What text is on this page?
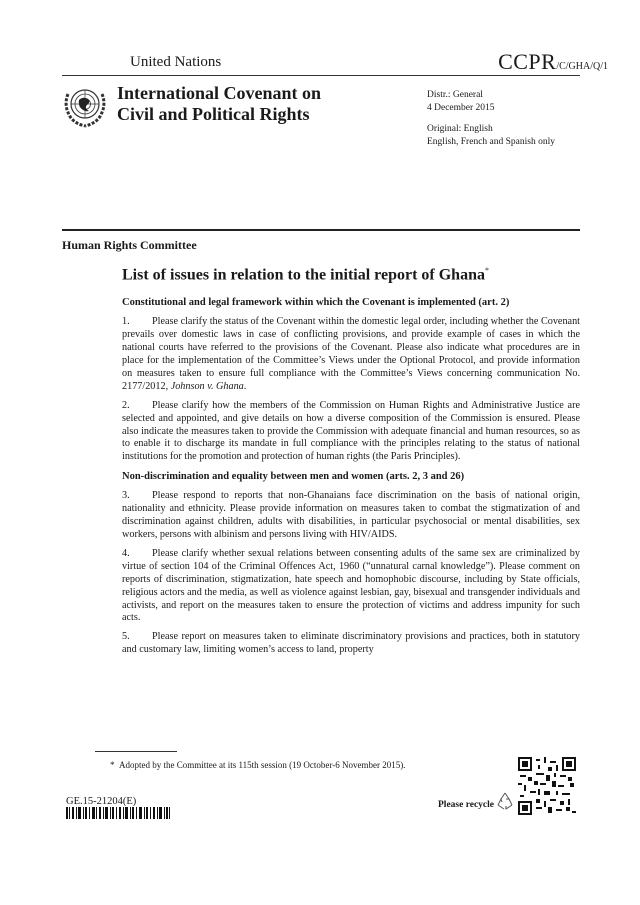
United Nations	CCPR/C/GHA/Q/1
International Covenant on
Civil and Political Rights
Distr.: General
4 December 2015
Original: English
English, French and Spanish only
Human Rights Committee
List of issues in relation to the initial report of Ghana*
Constitutional and legal framework within which the Covenant is implemented (art. 2)

1. Please clarify the status of the Covenant within the domestic legal order, including whether the Covenant prevails over domestic laws in case of conflicting provisions, and provide example of cases in which the national courts have referred to the provisions of the Covenant. Please also indicate what procedures are in place for the implementation of the Committee’s Views under the Optional Protocol, and provide information on measures taken to ensure full compliance with the Committee’s Views concerning communication No. 2177/2012, Johnson v. Ghana.

2. Please clarify how the members of the Commission on Human Rights and Administrative Justice are selected and appointed, and give details on how a diverse composition of the Commission is ensured. Please also indicate the measures taken to provide the Commission with adequate financial and human resources, so as to enable it to discharge its mandate in full compliance with the principles relating to the status of national institutions for the promotion and protection of human rights (the Paris Principles).

Non-discrimination and equality between men and women (arts. 2, 3 and 26)

3. Please respond to reports that non-Ghanaians face discrimination on the basis of national origin, nationality and ethnicity. Please provide information on measures taken to combat the stigmatization of and discrimination against children, adults with disabilities, in particular psychosocial or mental disabilities, sex workers, persons with albinism and persons living with HIV/AIDS.

4. Please clarify whether sexual relations between consenting adults of the same sex are criminalized by virtue of section 104 of the Criminal Offences Act, 1960 (“unnatural carnal knowledge”). Please comment on reports of discrimination, stigmatization, hate speech and homophobic discourse, including by State officials, religious actors and the media, as well as violence against lesbian, gay, bisexual and transgender individuals and activists, and report on the measures taken to ensure the protection of victims and address impunity for such acts.

5. Please report on measures taken to eliminate discriminatory provisions and practices, both in statutory and customary law, limiting women’s access to land, property

* Adopted by the Committee at its 115th session (19 October-6 November 2015).
GE.15-21204(E)	Please recycle
